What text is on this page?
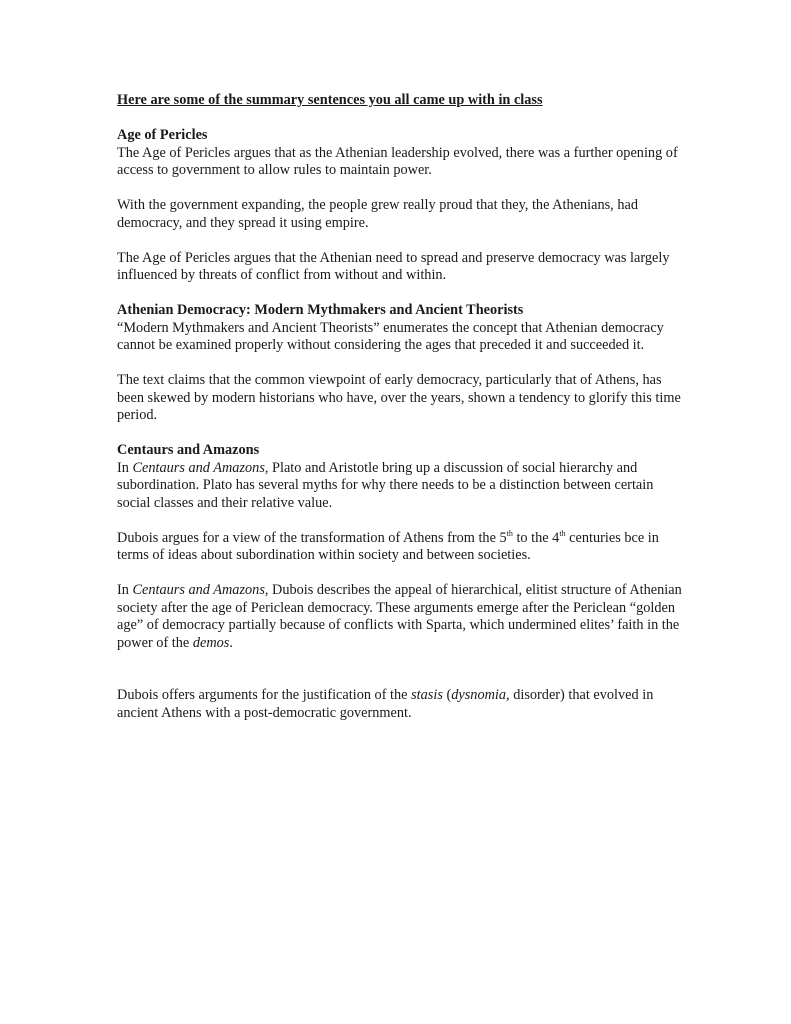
Here are some of the summary sentences you all came up with in class
Age of Pericles

The Age of Pericles argues that as the Athenian leadership evolved, there was a further opening of access to government to allow rules to maintain power.

With the government expanding, the people grew really proud that they, the Athenians, had democracy, and they spread it using empire.

The Age of Pericles argues that the Athenian need to spread and preserve democracy was largely influenced by threats of conflict from without and within.

Athenian Democracy: Modern Mythmakers and Ancient Theorists

“Modern Mythmakers and Ancient Theorists” enumerates the concept that Athenian democracy cannot be examined properly without considering the ages that preceded it and succeeded it.

The text claims that the common viewpoint of early democracy, particularly that of Athens, has been skewed by modern historians who have, over the years, shown a tendency to glorify this time period.

Centaurs and Amazons

In Centaurs and Amazons, Plato and Aristotle bring up a discussion of social hierarchy and subordination. Plato has several myths for why there needs to be a distinction between certain social classes and their relative value.

Dubois argues for a view of the transformation of Athens from the 5th to the 4th centuries bce in terms of ideas about subordination within society and between societies.

In Centaurs and Amazons, Dubois describes the appeal of hierarchical, elitist structure of Athenian society after the age of Periclean democracy. These arguments emerge after the Periclean “golden age” of democracy partially because of conflicts with Sparta, which undermined elites’ faith in the power of the demos.

Dubois offers arguments for the justification of the stasis (dysnomia, disorder) that evolved in ancient Athens with a post-democratic government.
